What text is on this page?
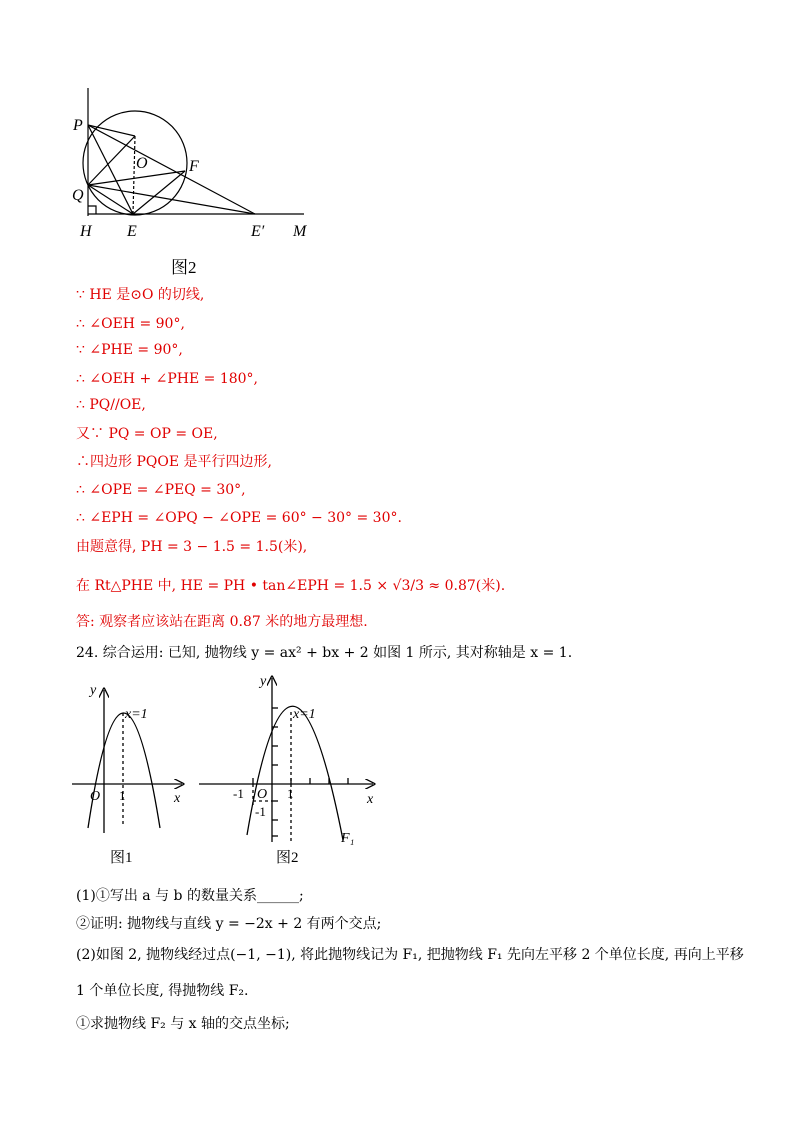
P
O	F
Q
H E	E′ M
图2
∵ HE 是⊙O 的切线,
∴ ∠OEH = 90°,
∵ ∠PHE = 90°,
∴ ∠OEH + ∠PHE = 180°,
∴ PQ//OE,
又∵ PQ = OP = OE,
∴四边形 PQOE 是平行四边形,
∴ ∠OPE = ∠PEQ = 30°,
∴ ∠EPH = ∠OPQ − ∠OPE = 60° − 30° = 30°.
由题意得, PH = 3 − 1.5 = 1.5(米),
在 Rt△PHE 中, HE = PH • tan∠EPH = 1.5 × √3/3 ≈ 0.87(米).
答: 观察者应该站在距离 0.87 米的地方最理想.
24. 综合运用: 已知, 抛物线 y = ax² + bx + 2 如图 1 所示, 其对称轴是 x = 1.
y
x
O
x=1
1
图1
y
x
O
x=1
F₁
-1	1
-1
图2
(1)①写出 a 与 b 的数量关系______;
②证明: 抛物线与直线 y = −2x + 2 有两个交点;
(2)如图 2, 抛物线经过点(−1, −1), 将此抛物线记为 F₁, 把抛物线 F₁ 先向左平移 2 个单位长度, 再向上平移
1 个单位长度, 得抛物线 F₂.
①求抛物线 F₂ 与 x 轴的交点坐标;
